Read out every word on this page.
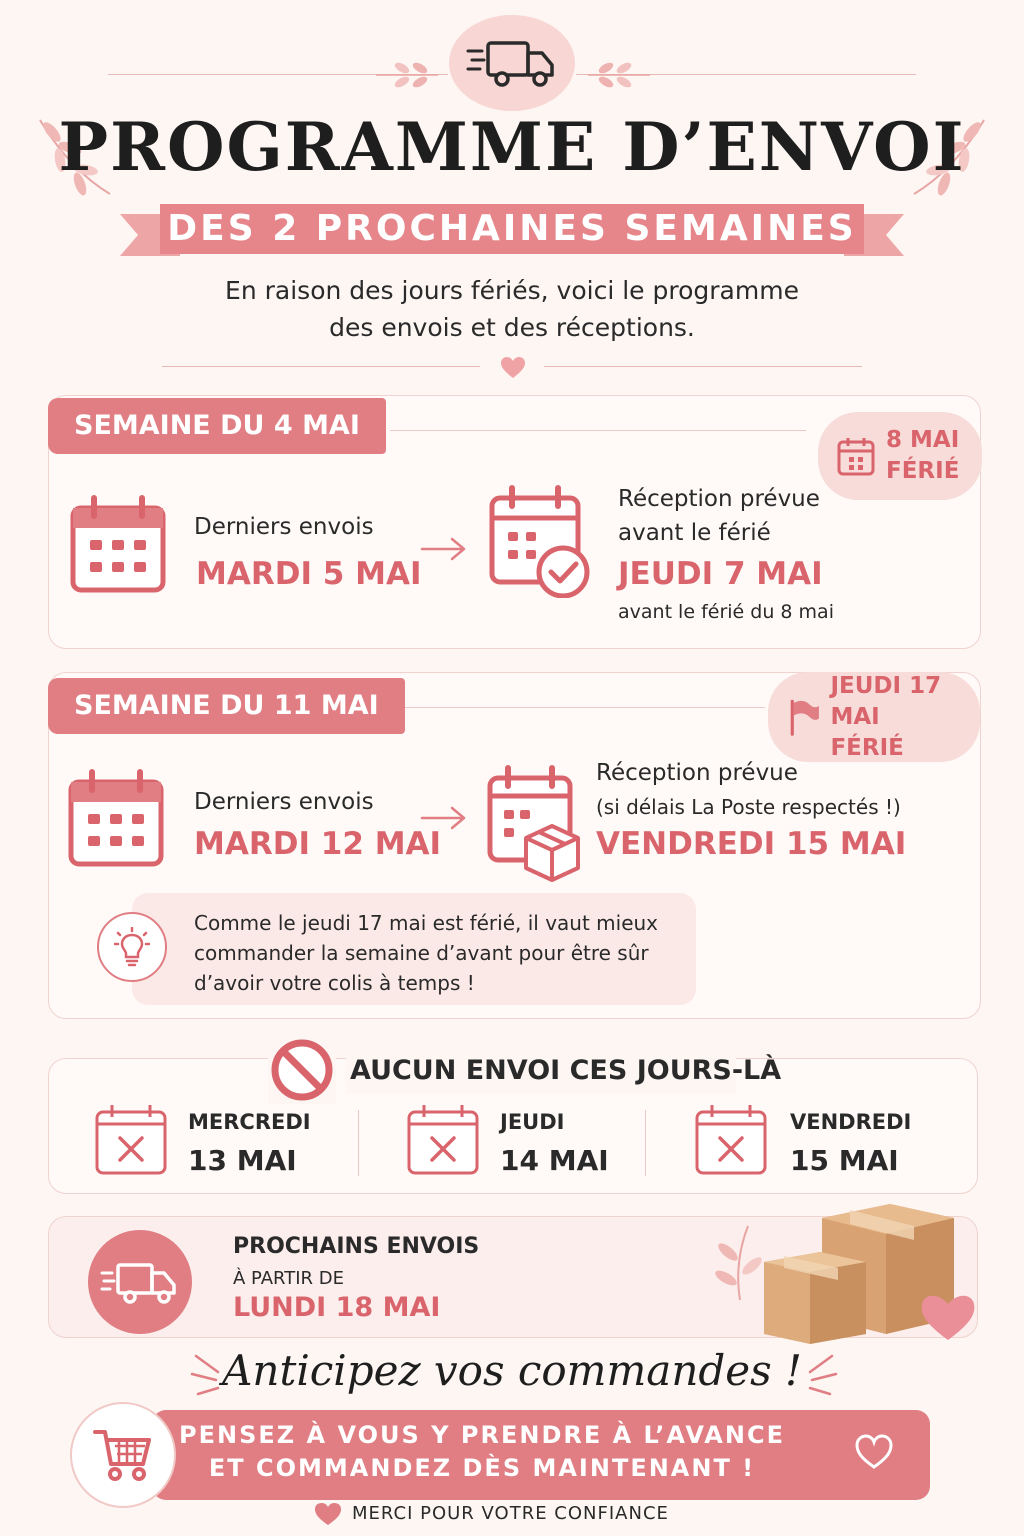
PROGRAMME D’ENVOI
DES 2 PROCHAINES SEMAINES
En raison des jours fériés, voici le programme
des envois et des réceptions.
SEMAINE DU 4 MAI	8 MAI
FÉRIÉ
Derniers envois
MARDI 5 MAI
Réception prévue
avant le férié
JEUDI 7 MAI
avant le férié du 8 mai
SEMAINE DU 11 MAI
JEUDI 17 MAI
FÉRIÉ
Derniers envois
MARDI 12 MAI
Réception prévue
(si délais La Poste respectés !)
VENDREDI 15 MAI
Comme le jeudi 17 mai est férié, il vaut mieux
commander la semaine d’avant pour être sûr
d’avoir votre colis à temps !
AUCUN ENVOI CES JOURS-LÀ
MERCREDI
13 MAI
JEUDI
14 MAI
VENDREDI
15 MAI
PROCHAINS ENVOIS
À PARTIR DE
LUNDI 18 MAI
Anticipez vos commandes !
PENSEZ À VOUS Y PRENDRE À L’AVANCE
ET COMMANDEZ DÈS MAINTENANT !
MERCI POUR VOTRE CONFIANCE
